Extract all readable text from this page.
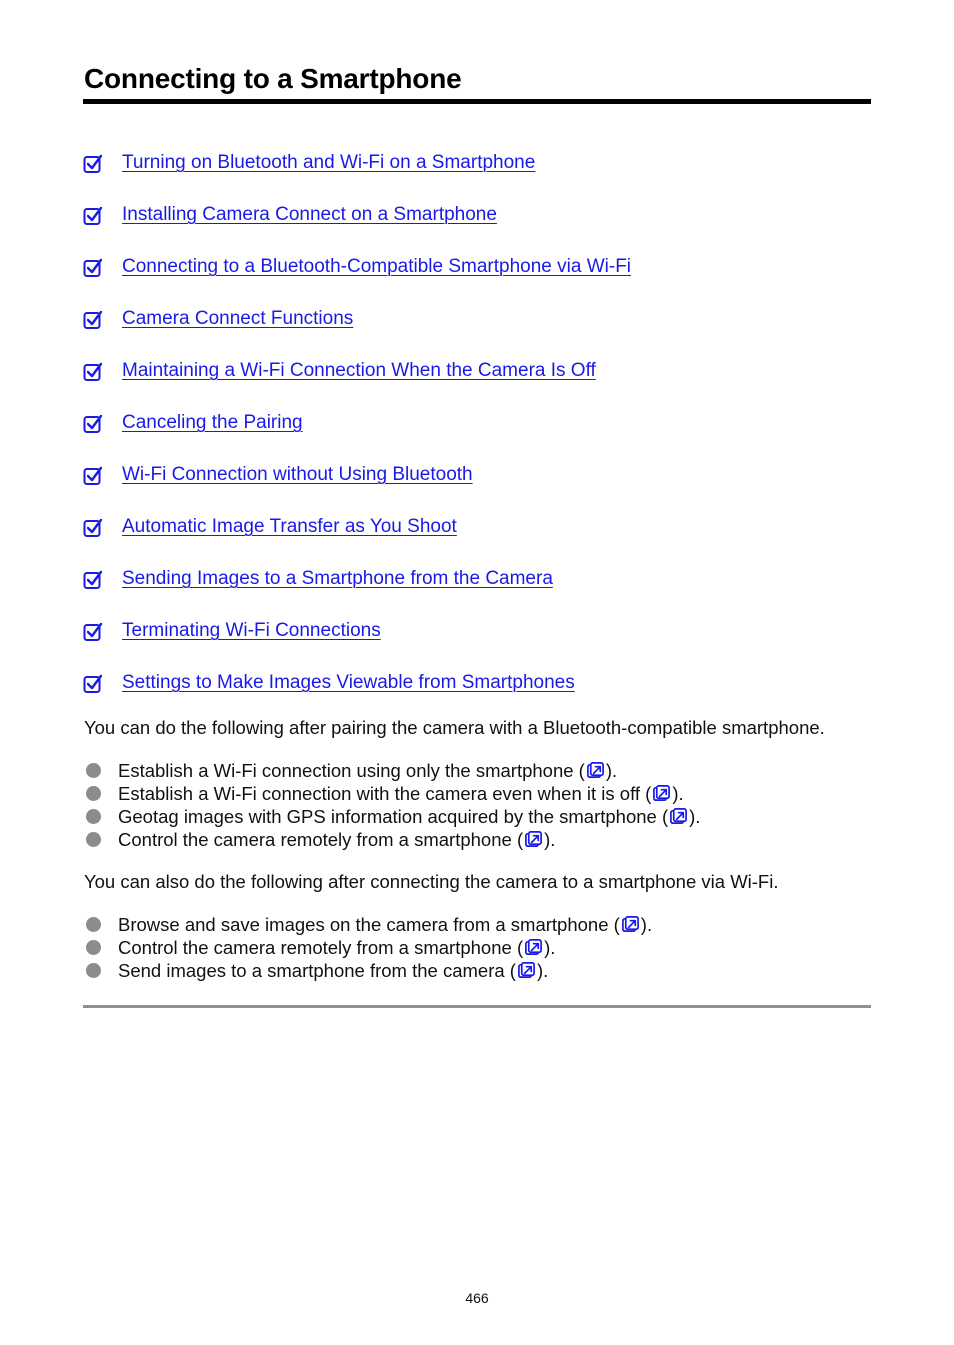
Connecting to a Smartphone
Turning on Bluetooth and Wi-Fi on a Smartphone
Installing Camera Connect on a Smartphone
Connecting to a Bluetooth-Compatible Smartphone via Wi-Fi
Camera Connect Functions
Maintaining a Wi-Fi Connection When the Camera Is Off
Canceling the Pairing
Wi-Fi Connection without Using Bluetooth
Automatic Image Transfer as You Shoot
Sending Images to a Smartphone from the Camera
Terminating Wi-Fi Connections
Settings to Make Images Viewable from Smartphones

You can do the following after pairing the camera with a Bluetooth-compatible smartphone.

Establish a Wi-Fi connection using only the smartphone ( ).
Establish a Wi-Fi connection with the camera even when it is off ( ).
Geotag images with GPS information acquired by the smartphone ( ).
Control the camera remotely from a smartphone ( ).

You can also do the following after connecting the camera to a smartphone via Wi-Fi.

Browse and save images on the camera from a smartphone ( ).
Control the camera remotely from a smartphone ( ).
Send images to a smartphone from the camera ( ).
466
